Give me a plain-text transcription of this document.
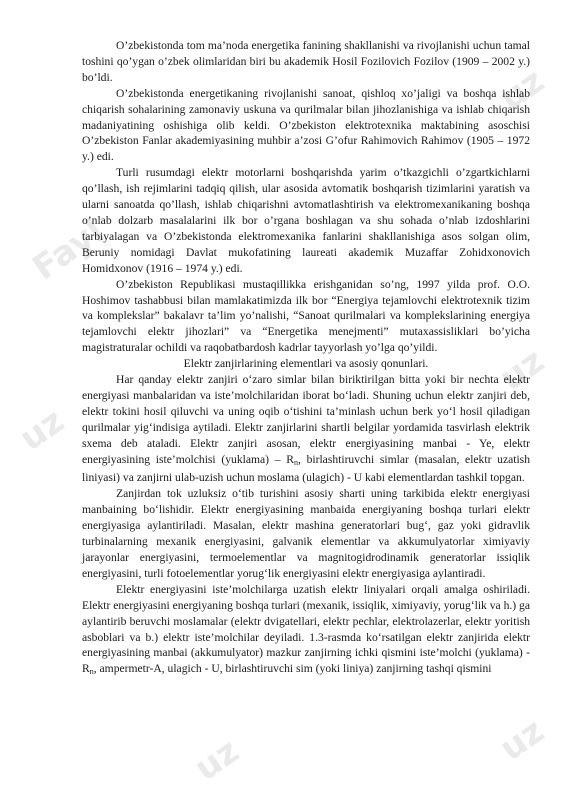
uz
Fayl
uz
uz
uz	uz

O’zbekistonda tom ma’noda energetika fanining shakllanishi va rivojlanishi uchun tamal toshini qo’ygan o’zbek olimlaridan biri bu akademik Hosil Fozilovich Fozilov (1909 – 2002 y.) bo’ldi.

O’zbekistonda energetikaning rivojlanishi sanoat, qishloq xo’jaligi va boshqa ishlab chiqarish sohalarining zamonaviy uskuna va qurilmalar bilan jihozlanishiga va ishlab chiqarish madaniyatining oshishiga olib keldi. O’zbekiston elektrotexnika maktabining asoschisi O’zbekiston Fanlar akademiyasining muhbir a’zosi G’ofur Rahimovich Rahimov (1905 – 1972 y.) edi.

Turli rusumdagi elektr motorlarni boshqarishda yarim o’tkazgichli o’zgartkichlarni qo’llash, ish rejimlarini tadqiq qilish, ular asosida avtomatik boshqarish tizimlarini yaratish va ularni sanoatda qo’llash, ishlab chiqarishni avtomatlashtirish va elektromexanikaning boshqa o’nlab dolzarb masalalarini ilk bor o’rgana boshlagan va shu sohada o’nlab izdoshlarini tarbiyalagan va O’zbekistonda elektromexanika fanlarini shakllanishiga asos solgan olim, Beruniy nomidagi Davlat mukofatining laureati akademik Muzaffar Zohidxonovich Homidxonov (1916 – 1974 y.) edi.

O’zbekiston Republikasi mustaqillikka erishganidan so’ng, 1997 yilda prof. O.O. Hoshimov tashabbusi bilan mamlakatimizda ilk bor “Energiya tejamlovchi elektrotexnik tizim va komplekslar” bakalavr ta’lim yo’nalishi, “Sanoat qurilmalari va komplekslarining energiya tejamlovchi elektr jihozlari” va “Energetika menejmenti” mutaxassisliklari bo’yicha magistraturalar ochildi va raqobatbardosh kadrlar tayyorlash yo’lga qo’yildi.

Elektr zanjirlarining elementlari va asosiy qonunlari.

Har qanday elektr zanjiri o‘zaro simlar bilan biriktirilgan bitta yoki bir nechta elektr energiyasi manbalaridan va iste’molchilaridan iborat bo‘ladi. Shuning uchun elektr zanjiri deb, elektr tokini hosil qiluvchi va uning oqib o‘tishini ta’minlash uchun berk yo‘l hosil qiladigan qurilmalar yig‘indisiga aytiladi. Elektr zanjirlarini shartli belgilar yordamida tasvirlash elektrik sxema deb ataladi. Elektr zanjiri asosan, elektr energiyasining manbai - Ye, elektr energiyasining iste’molchisi (yuklama) – $R_n$, birlashtiruvchi simlar (masalan, elektr uzatish liniyasi) va zanjirni ulab-uzish uchun moslama (ulagich) - U kabi elementlardan tashkil topgan.

Zanjirdan tok uzluksiz o‘tib turishini asosiy sharti uning tarkibida elektr energiyasi manbaining bo‘lishidir. Elektr energiyasining manbaida energiyaning boshqa turlari elektr energiyasiga aylantiriladi. Masalan, elektr mashina generatorlari bug‘, gaz yoki gidravlik turbinalarning mexanik energiyasini, galvanik elementlar va akkumulyatorlar ximiyaviy jarayonlar energiyasini, termoelementlar va magnitogidrodinamik generatorlar issiqlik energiyasini, turli fotoelementlar yorug‘lik energiyasini elektr energiyasiga aylantiradi.

Elektr energiyasini iste’molchilarga uzatish elektr liniyalari orqali amalga oshiriladi. Elektr energiyasini energiyaning boshqa turlari (mexanik, issiqlik, ximiyaviy, yorug‘lik va h.) ga aylantirib beruvchi moslamalar (elektr dvigatellari, elektr pechlar, elektrolazerlar, elektr yoritish asboblari va b.) elektr iste’molchilar deyiladi. 1.3-rasmda ko‘rsatilgan elektr zanjirida elektr energiyasining manbai (akkumulyator) mazkur zanjirning ichki qismini iste’molchi (yuklama) - $R_n$, ampermetr-A, ulagich - U, birlashtiruvchi sim (yoki liniya) zanjirning tashqi qismini
